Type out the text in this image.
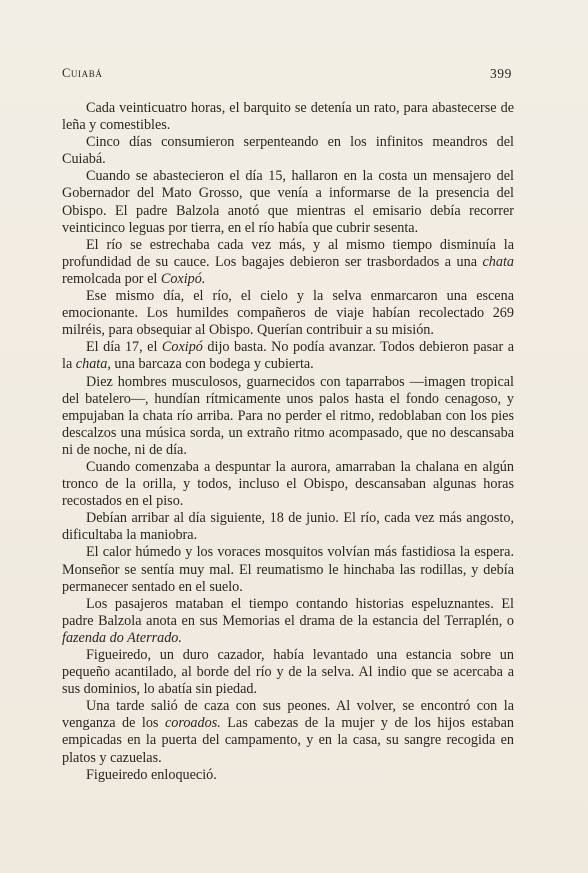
Cuiabá	399

Cada veinticuatro horas, el barquito se detenía un rato, para abastecerse de leña y comestibles.

Cinco días consumieron serpenteando en los infinitos meandros del Cuiabá.

Cuando se abastecieron el día 15, hallaron en la costa un mensajero del Gobernador del Mato Grosso, que venía a informarse de la presencia del Obispo. El padre Balzola anotó que mientras el emisario debía recorrer veinticinco leguas por tierra, en el río había que cubrir sesenta.

El río se estrechaba cada vez más, y al mismo tiempo disminuía la profundidad de su cauce. Los bagajes debieron ser trasbordados a una chata remolcada por el Coxipó.

Ese mismo día, el río, el cielo y la selva enmarcaron una escena emocionante. Los humildes compañeros de viaje habían recolectado 269 milréis, para obsequiar al Obispo. Querían contribuir a su misión.

El día 17, el Coxipó dijo basta. No podía avanzar. Todos debieron pasar a la chata, una barcaza con bodega y cubierta.

Diez hombres musculosos, guarnecidos con taparrabos —imagen tropical del batelero—, hundían rítmicamente unos palos hasta el fondo cenagoso, y empujaban la chata río arriba. Para no perder el ritmo, redoblaban con los pies descalzos una música sorda, un extraño ritmo acompasado, que no descansaba ni de noche, ni de día.

Cuando comenzaba a despuntar la aurora, amarraban la chalana en algún tronco de la orilla, y todos, incluso el Obispo, descansaban algunas horas recostados en el piso.

Debían arribar al día siguiente, 18 de junio. El río, cada vez más angosto, dificultaba la maniobra.

El calor húmedo y los voraces mosquitos volvían más fastidiosa la espera. Monseñor se sentía muy mal. El reumatismo le hinchaba las rodillas, y debía permanecer sentado en el suelo.

Los pasajeros mataban el tiempo contando historias espeluznantes. El padre Balzola anota en sus Memorias el drama de la estancia del Terraplén, o fazenda do Aterrado.

Figueiredo, un duro cazador, había levantado una estancia sobre un pequeño acantilado, al borde del río y de la selva. Al indio que se acercaba a sus dominios, lo abatía sin piedad.

Una tarde salió de caza con sus peones. Al volver, se encontró con la venganza de los coroados. Las cabezas de la mujer y de los hijos estaban empicadas en la puerta del campamento, y en la casa, su sangre recogida en platos y cazuelas.

Figueiredo enloqueció.
